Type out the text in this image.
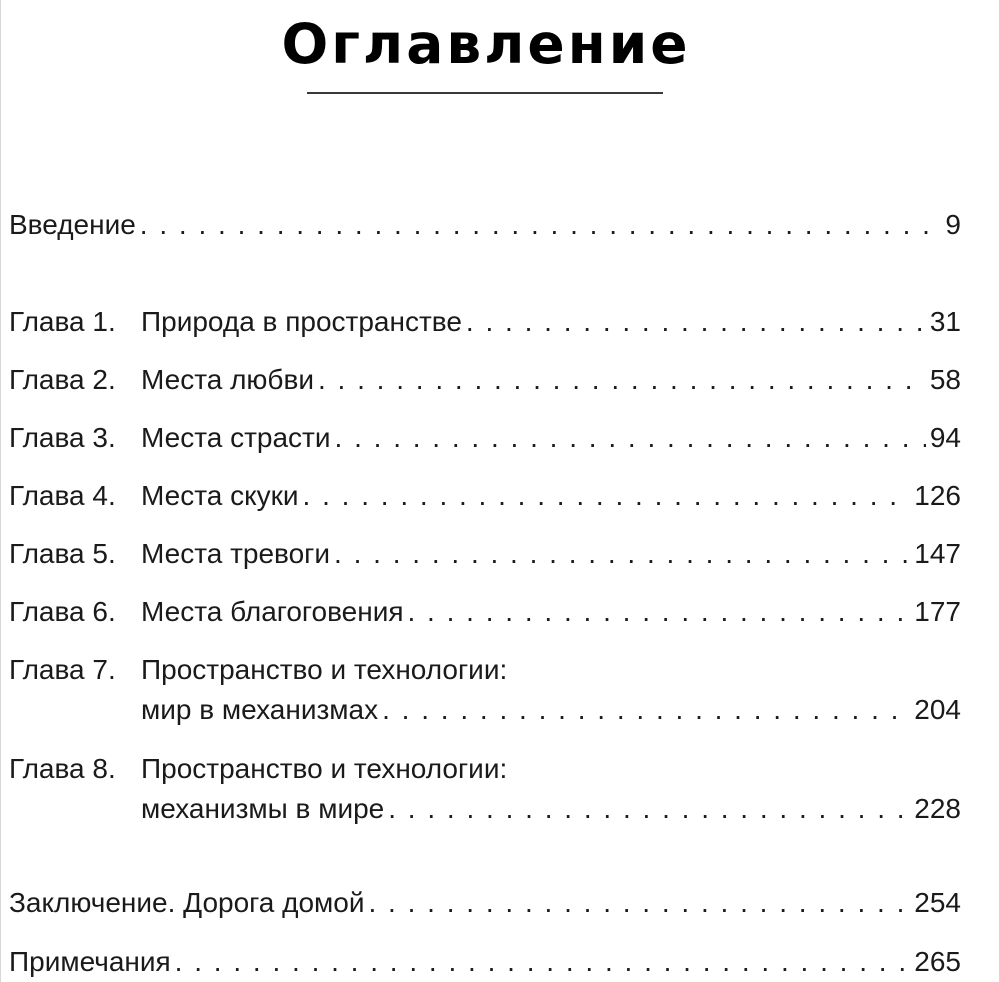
Оглавление
Введение . . .	9
Глава 1. Природа в пространстве . . .	31
Глава 2. Места любви . . .	58
Глава 3. Места страсти . . .	94
Глава 4. Места скуки . . .	126
Глава 5. Места тревоги . . .	147
Глава 6. Места благоговения . . .	177
Глава 7. Пространство и технологии:
мир в механизмах . . .	204
Глава 8. Пространство и технологии:
механизмы в мире . . .	228
Заключение. Дорога домой . . .	254
Примечания . . .	265
